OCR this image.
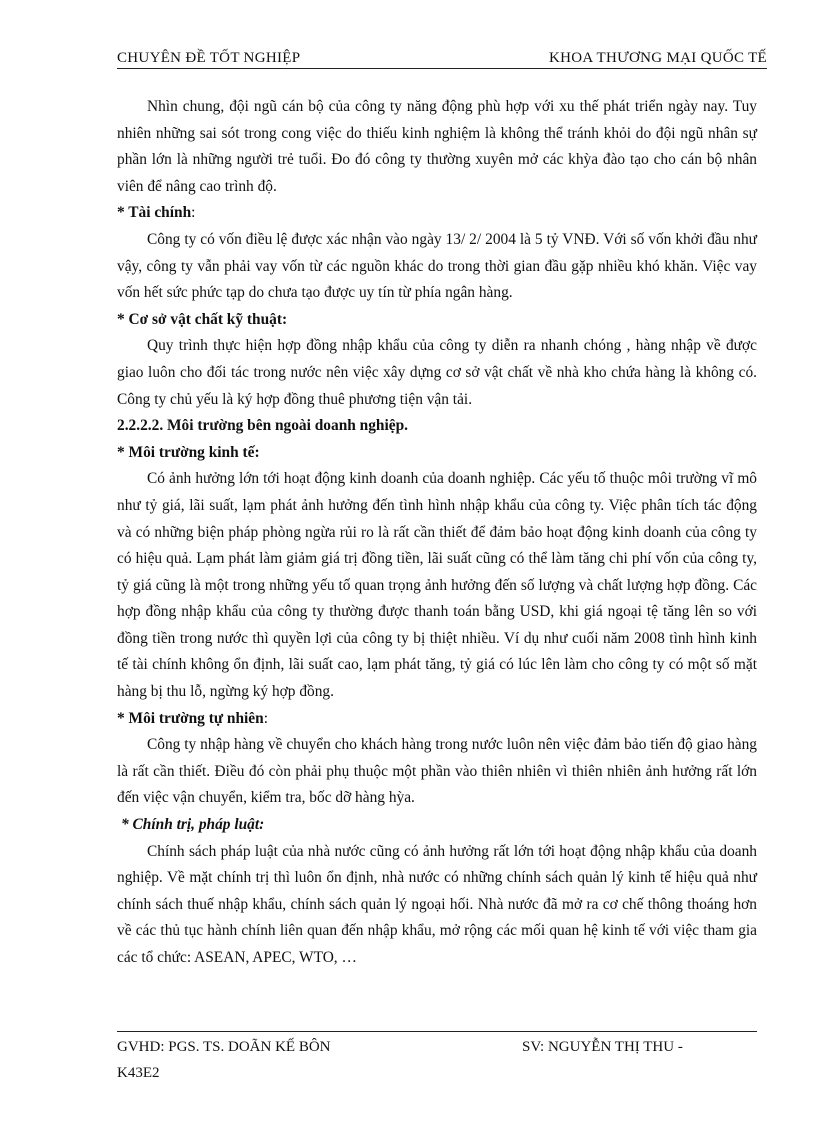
CHUYÊN ĐỀ TỐT NGHIỆP	KHOA THƯƠNG MẠI QUỐC TẾ

Nhìn chung, đội ngũ cán bộ của công ty năng động phù hợp với xu thế phát triển ngày nay. Tuy nhiên những sai sót trong cong việc do thiếu kinh nghiệm là không thể tránh khỏi do đội ngũ nhân sự phần lớn là những người trẻ tuổi. Đo đó công ty thường xuyên mở các khỳa đào tạo cho cán bộ nhân viên để nâng cao trình độ.

* Tài chính:

Công ty có vốn điều lệ được xác nhận vào ngày 13/ 2/ 2004 là 5 tỷ VNĐ. Với số vốn khởi đầu như vậy, công ty vẫn phải vay vốn từ các nguồn khác do trong thời gian đầu gặp nhiều khó khăn. Việc vay vốn hết sức phức tạp do chưa tạo được uy tín từ phía ngân hàng.

* Cơ sở vật chất kỹ thuật:

Quy trình thực hiện hợp đồng nhập khẩu của công ty diễn ra nhanh chóng , hàng nhập về được giao luôn cho đối tác trong nước nên việc xây dựng cơ sở vật chất về nhà kho chứa hàng là không có. Công ty chủ yếu là ký hợp đồng thuê phương tiện vận tải.

2.2.2.2. Môi trường bên ngoài doanh nghiệp.

* Môi trường kinh tế:

Có ảnh hưởng lớn tới hoạt động kinh doanh của doanh nghiệp. Các yếu tố thuộc môi trường vĩ mô như tỷ giá, lãi suất, lạm phát ảnh hưởng đến tình hình nhập khẩu của công ty. Việc phân tích tác động và có những biện pháp phòng ngừa rủi ro là rất cần thiết để đảm bảo hoạt động kinh doanh của công ty có hiệu quả. Lạm phát làm giảm giá trị đồng tiền, lãi suất cũng có thể làm tăng chi phí vốn của công ty, tỷ giá cũng là một trong những yếu tố quan trọng ảnh hưởng đến số lượng và chất lượng hợp đồng. Các hợp đồng nhập khẩu của công ty thường được thanh toán bằng USD, khi giá ngoại tệ tăng lên so với đồng tiền trong nước thì quyền lợi của công ty bị thiệt nhiều. Ví dụ như cuối năm 2008 tình hình kinh tế tài chính không ổn định, lãi suất cao, lạm phát tăng, tỷ giá có lúc lên làm cho công ty có một số mặt hàng bị thu lỗ, ngừng ký hợp đồng.

* Môi trường tự nhiên:

Công ty nhập hàng về chuyển cho khách hàng trong nước luôn nên việc đảm bảo tiến độ giao hàng là rất cần thiết. Điều đó còn phải phụ thuộc một phần vào thiên nhiên vì thiên nhiên ảnh hưởng rất lớn đến việc vận chuyển, kiểm tra, bốc dỡ hàng hỳa.

* Chính trị, pháp luật:

Chính sách pháp luật của nhà nước cũng có ảnh hưởng rất lớn tới hoạt động nhập khẩu của doanh nghiệp. Về mặt chính trị thì luôn ổn định, nhà nước có những chính sách quản lý kinh tế hiệu quả như chính sách thuế nhập khẩu, chính sách quản lý ngoại hối. Nhà nước đã mở ra cơ chế thông thoáng hơn về các thủ tục hành chính liên quan đến nhập khẩu, mở rộng các mối quan hệ kinh tế với việc tham gia các tổ chức: ASEAN, APEC, WTO, …

GVHD: PGS. TS. DOÃN KẾ BÔN	SV: NGUYỄN THỊ THU -
K43E2
